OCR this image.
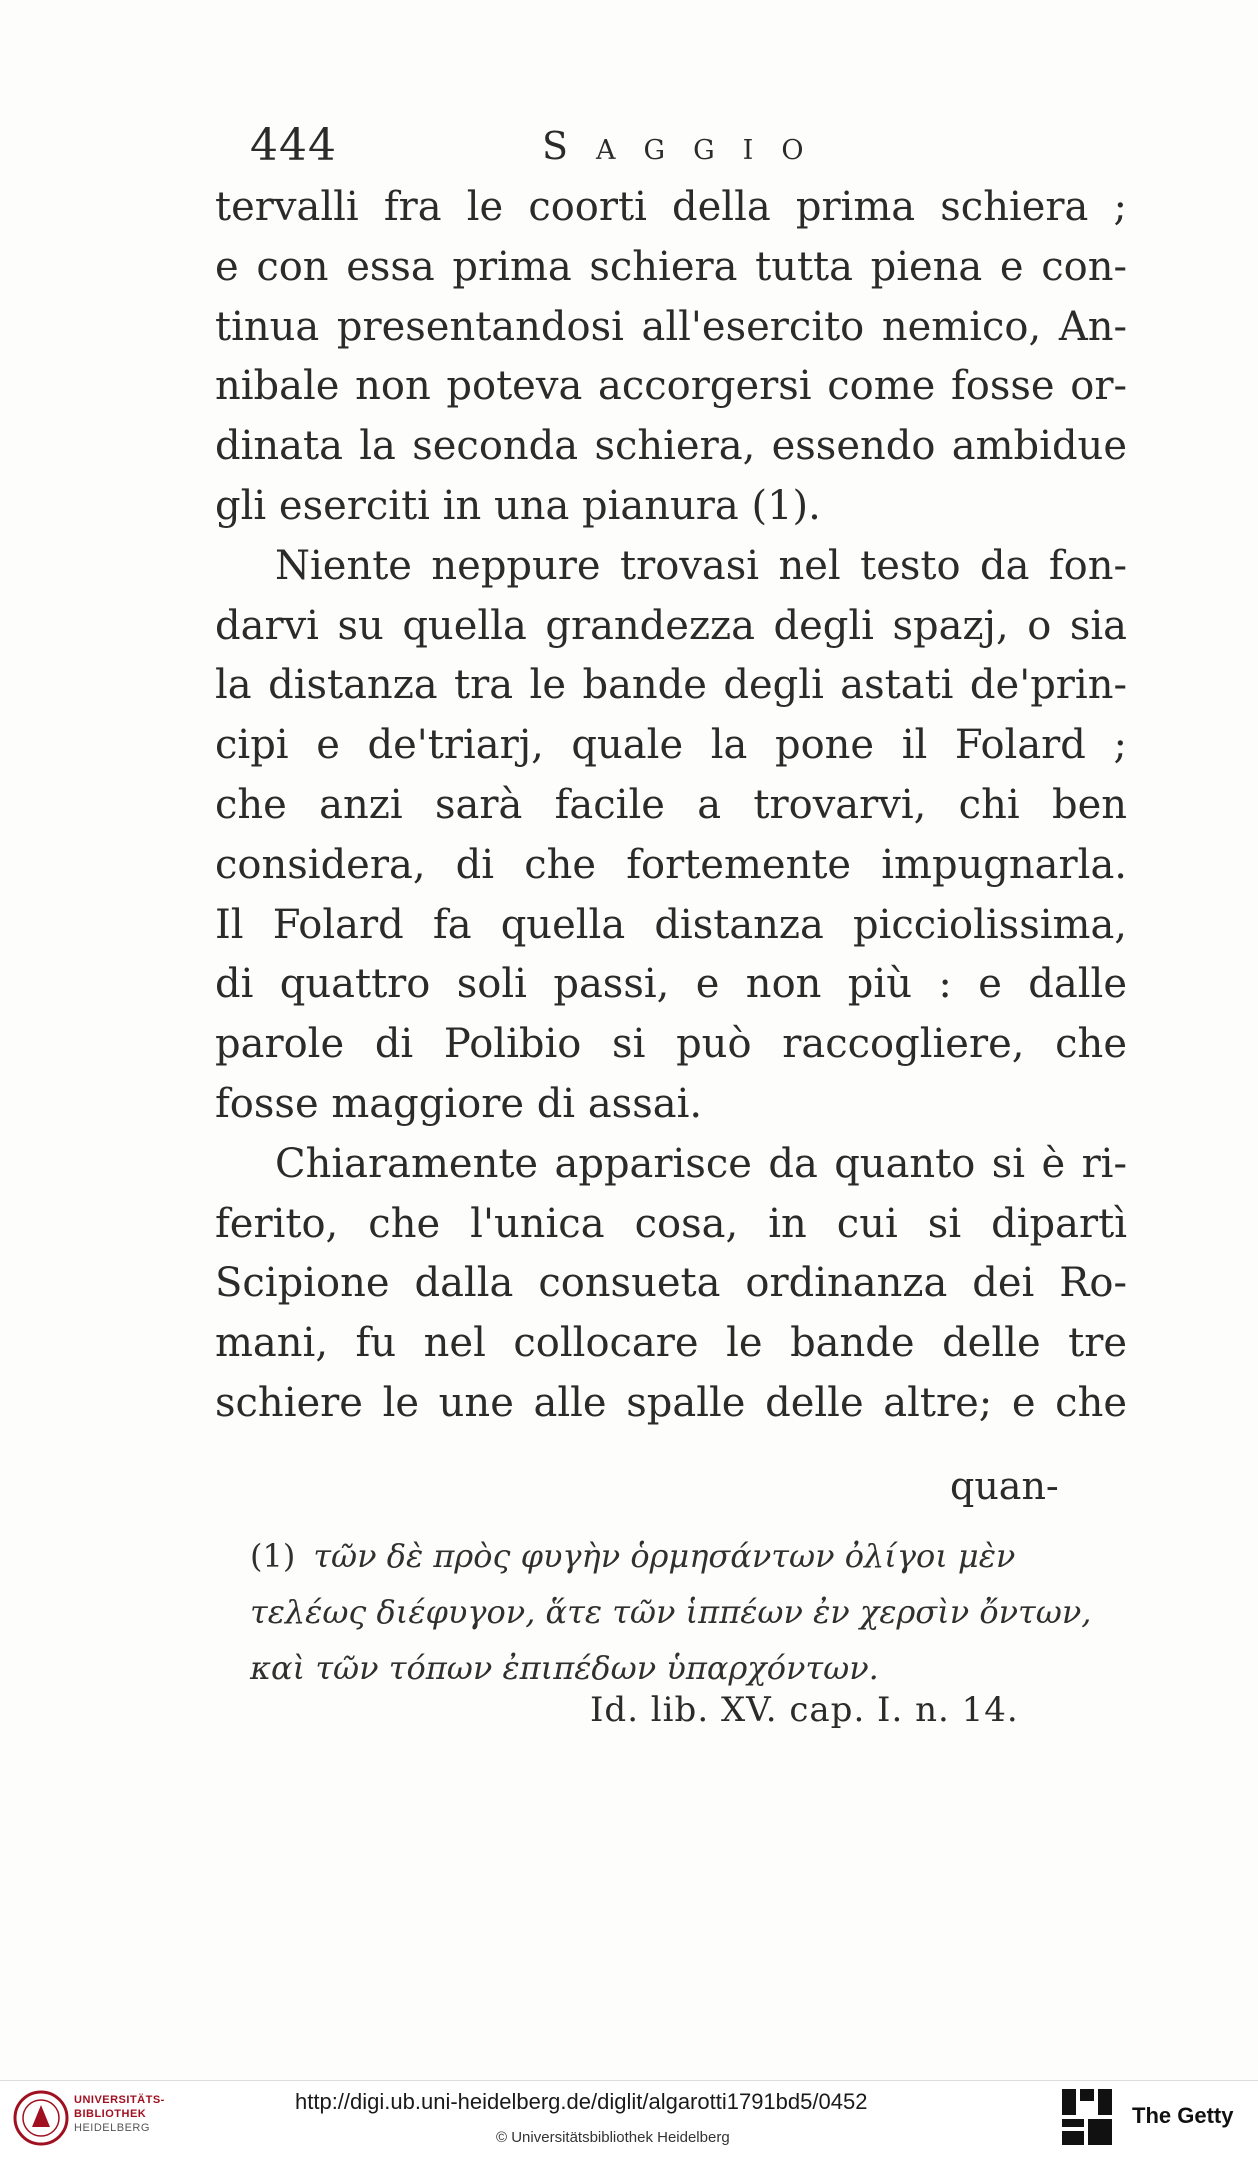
444	Saggio
tervalli fra le coorti della prima schiera ;
e con essa prima schiera tutta piena e con-
tinua presentandosi all'esercito nemico, An-
nibale non poteva accorgersi come fosse or-
dinata la seconda schiera, essendo ambidue
gli eserciti in una pianura (1).
Niente neppure trovasi nel testo da fon-
darvi su quella grandezza degli spazj, o sia
la distanza tra le bande degli astati de'prin-
cipi e de'triarj, quale la pone il Folard ;
che anzi sarà facile a trovarvi, chi ben
considera, di che fortemente impugnarla.
Il Folard fa quella distanza picciolissima,
di quattro soli passi, e non più : e dalle
parole di Polibio si può raccogliere, che
fosse maggiore di assai.
Chiaramente apparisce da quanto si è ri-
ferito, che l'unica cosa, in cui si dipartì
Scipione dalla consueta ordinanza dei Ro-
mani, fu nel collocare le bande delle tre
schiere le une alle spalle delle altre; e che
quan-
(1) τῶν δὲ πρὸς φυγὴν ὁρμησάντων ὀλίγοι μὲν
τελέως διέφυγον, ἅτε τῶν ἱππέων ἐν χερσὶν ὄντων,
καὶ τῶν τόπων ἐπιπέδων ὑπαρχόντων.
Id. lib. XV. cap. I. n. 14.
UNIVERSITÄTS-
BIBLIOTHEK
HEIDELBERG
http://digi.ub.uni-heidelberg.de/diglit/algarotti1791bd5/0452
© Universitätsbibliothek Heidelberg
The Getty
